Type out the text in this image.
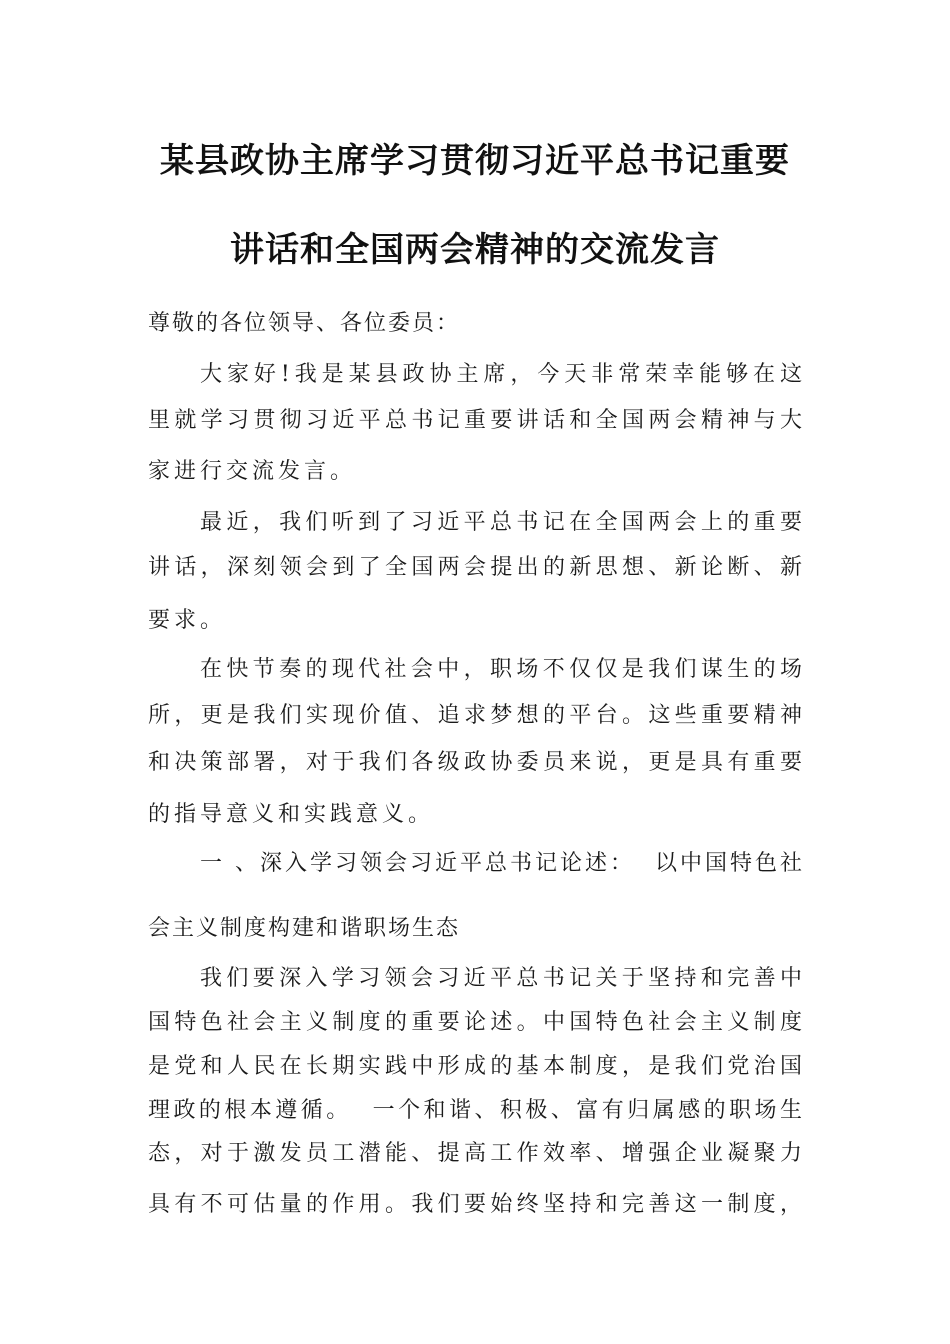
某县政协主席学习贯彻习近平总书记重要
讲话和全国两会精神的交流发言
尊敬的各位领导、各位委员：
大家好!我是某县政协主席，今天非常荣幸能够在这
里就学习贯彻习近平总书记重要讲话和全国两会精神与大
家进行交流发言。
最近，我们听到了习近平总书记在全国两会上的重要
讲话，深刻领会到了全国两会提出的新思想、新论断、新
要求。
在快节奏的现代社会中，职场不仅仅是我们谋生的场
所，更是我们实现价值、追求梦想的平台。这些重要精神
和决策部署，对于我们各级政协委员来说，更是具有重要
的指导意义和实践意义。
一 、深入学习领会习近平总书记论述：  以中国特色社
会主义制度构建和谐职场生态
我们要深入学习领会习近平总书记关于坚持和完善中
国特色社会主义制度的重要论述。中国特色社会主义制度
是党和人民在长期实践中形成的基本制度，是我们党治国
理政的根本遵循。  一个和谐、积极、富有归属感的职场生
态，对于激发员工潜能、提高工作效率、增强企业凝聚力
具有不可估量的作用。我们要始终坚持和完善这一制度，
